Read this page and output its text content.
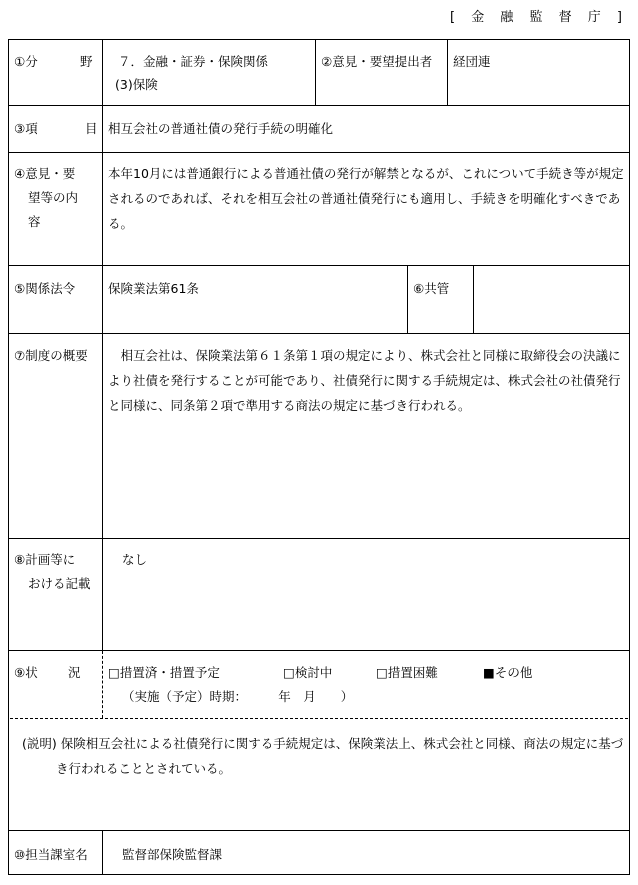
[ 金 融 監 督 庁 ]
①分	野 ７．金融・証券・保険関係
(3)保険
②意見・要望提出者 経団連
③項	目 相互会社の普通社債の発行手続の明確化
④意見・要
望等の内
容
本年10月には普通銀行による普通社債の発行が解禁となるが、これについて手続き等が規定されるのであれば、それを相互会社の普通社債発行にも適用し、手続きを明確化すべきである。
⑤関係法令	保険業法第61条	⑥共管
⑦制度の概要 　相互会社は、保険業法第６１条第１項の規定により、株式会社と同様に取締役会の決議により社債を発行することが可能であり、社債発行に関する手続規定は、株式会社の社債発行と同様に、同条第２項で準用する商法の規定に基づき行われる。
⑧計画等に
おける記載
なし
⑨状 況 □措置済・措置予定	□検討中	□措置困難	■その他
（実施（予定）時期：　　　年　月　　）
(説明) 保険相互会社による社債発行に関する手続規定は、保険業法上、株式会社と同様、商法の規定に基づき行われることとされている。
⑩担当課室名	監督部保険監督課
